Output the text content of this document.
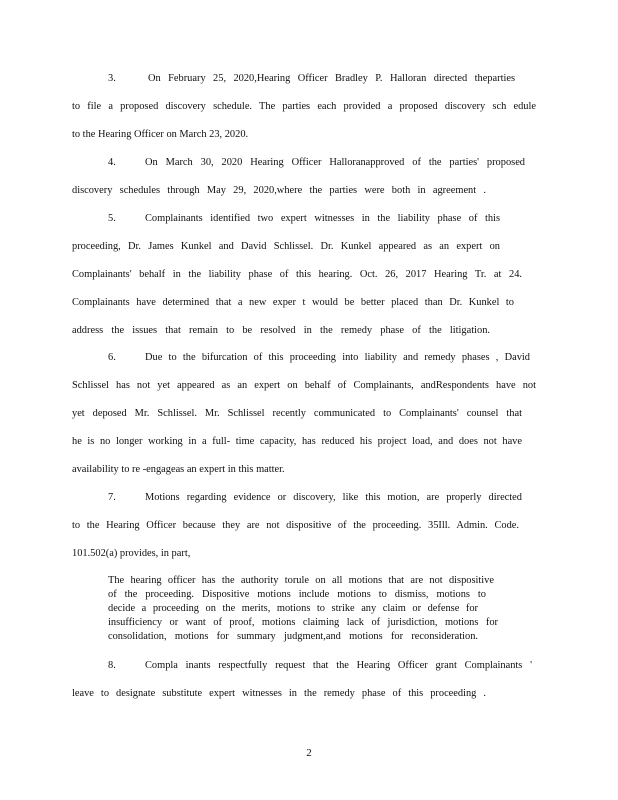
3.	On February 25, 2020,Hearing Officer Bradley P. Halloran directed theparties
to file a proposed discovery schedule. The parties each provided a proposed discovery sch edule
to the Hearing Officer on March 23, 2020.
4.	On March 30, 2020 Hearing Officer Halloranapproved of the parties' proposed
discovery schedules through May 29, 2020,where the parties were both in agreement .
5.	Complainants identified two expert witnesses in the liability phase of this
proceeding, Dr. James Kunkel and David Schlissel. Dr. Kunkel appeared as an expert on
Complainants' behalf in the liability phase of this hearing. Oct. 26, 2017 Hearing Tr. at 24.
Complainants have determined that a new exper t would be better placed than Dr. Kunkel to
address the issues that remain to be resolved in the remedy phase of the litigation.
6.	Due to the bifurcation of this proceeding into liability and remedy phases , David
Schlissel has not yet appeared as an expert on behalf of Complainants, andRespondents have not
yet deposed Mr. Schlissel. Mr. Schlissel recently communicated to Complainants' counsel that
he is no longer working in a full- time capacity, has reduced his project load, and does not have
availability to re -engageas an expert in this matter.
7.	Motions regarding evidence or discovery, like this motion, are properly directed
to the Hearing Officer because they are not dispositive of the proceeding. 35Ill. Admin. Code.
101.502(a) provides, in part,
The hearing officer has the authority torule on all motions that are not dispositive
of the proceeding. Dispositive motions include motions to dismiss, motions to
decide a proceeding on the merits, motions to strike any claim or defense for
insufficiency or want of proof, motions claiming lack of jurisdiction, motions for
consolidation, motions for summary judgment,and motions for reconsideration.
8.	Compla inants respectfully request that the Hearing Officer grant Complainants '
leave to designate substitute expert witnesses in the remedy phase of this proceeding .
2
